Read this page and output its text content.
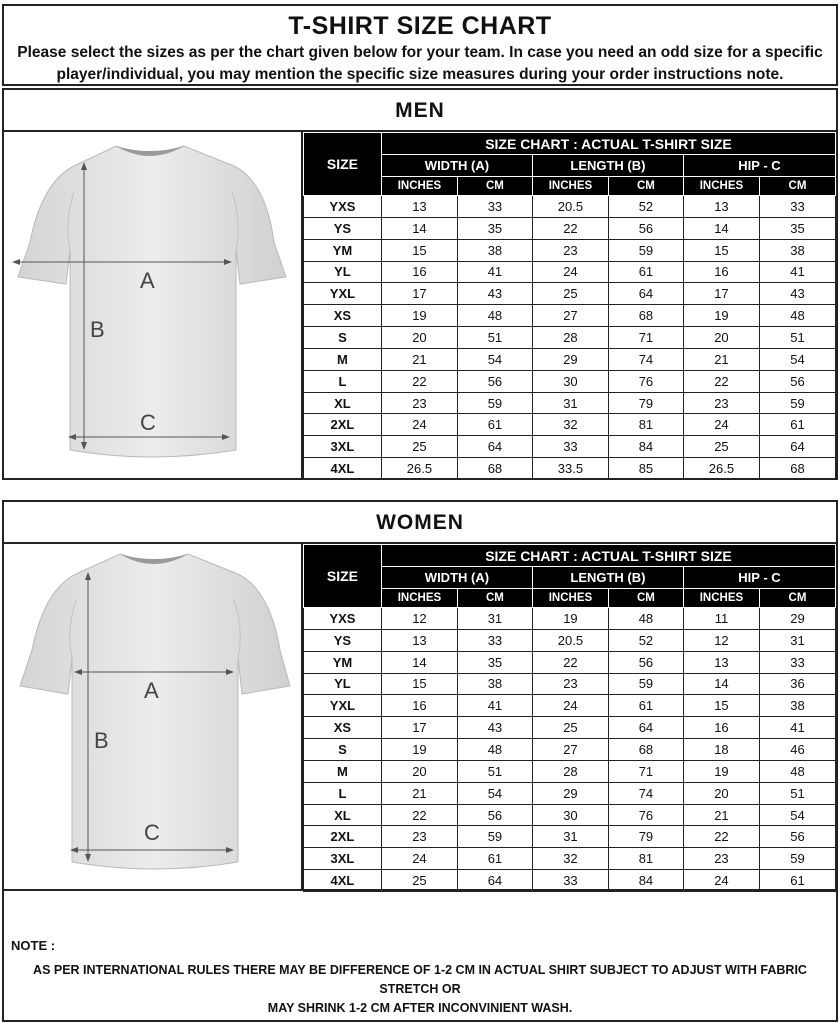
T-SHIRT SIZE CHART
Please select the sizes as per the chart given below for your team. In case you need an odd size for a specific
player/individual, you may mention the specific size measures during your order instructions note.
MEN
A
B
C
SIZE	SIZE CHART : ACTUAL T-SHIRT SIZE					
	WIDTH (A)		LENGTH (B)		HIP - C	
	INCHES	CM	INCHES	CM	INCHES	CM
YXS	13	33	20.5	52	13	33
YS	14	35	22	56	14	35
YM	15	38	23	59	15	38
YL	16	41	24	61	16	41
YXL	17	43	25	64	17	43
XS	19	48	27	68	19	48
S	20	51	28	71	20	51
M	21	54	29	74	21	54
L	22	56	30	76	22	56
XL	23	59	31	79	23	59
2XL	24	61	32	81	24	61
3XL	25	64	33	84	25	64
4XL	26.5	68	33.5	85	26.5	68
WOMEN
A
B
C
SIZE	SIZE CHART : ACTUAL T-SHIRT SIZE					
	WIDTH (A)		LENGTH (B)		HIP - C	
	INCHES	CM	INCHES	CM	INCHES	CM
YXS	12	31	19	48	11	29
YS	13	33	20.5	52	12	31
YM	14	35	22	56	13	33
YL	15	38	23	59	14	36
YXL	16	41	24	61	15	38
XS	17	43	25	64	16	41
S	19	48	27	68	18	46
M	20	51	28	71	19	48
L	21	54	29	74	20	51
XL	22	56	30	76	21	54
2XL	23	59	31	79	22	56
3XL	24	61	32	81	23	59
4XL	25	64	33	84	24	61
NOTE :
AS PER INTERNATIONAL RULES THERE MAY BE DIFFERENCE OF 1-2 CM IN ACTUAL SHIRT SUBJECT TO ADJUST WITH FABRIC STRETCH OR
MAY SHRINK 1-2 CM AFTER INCONVINIENT WASH.
